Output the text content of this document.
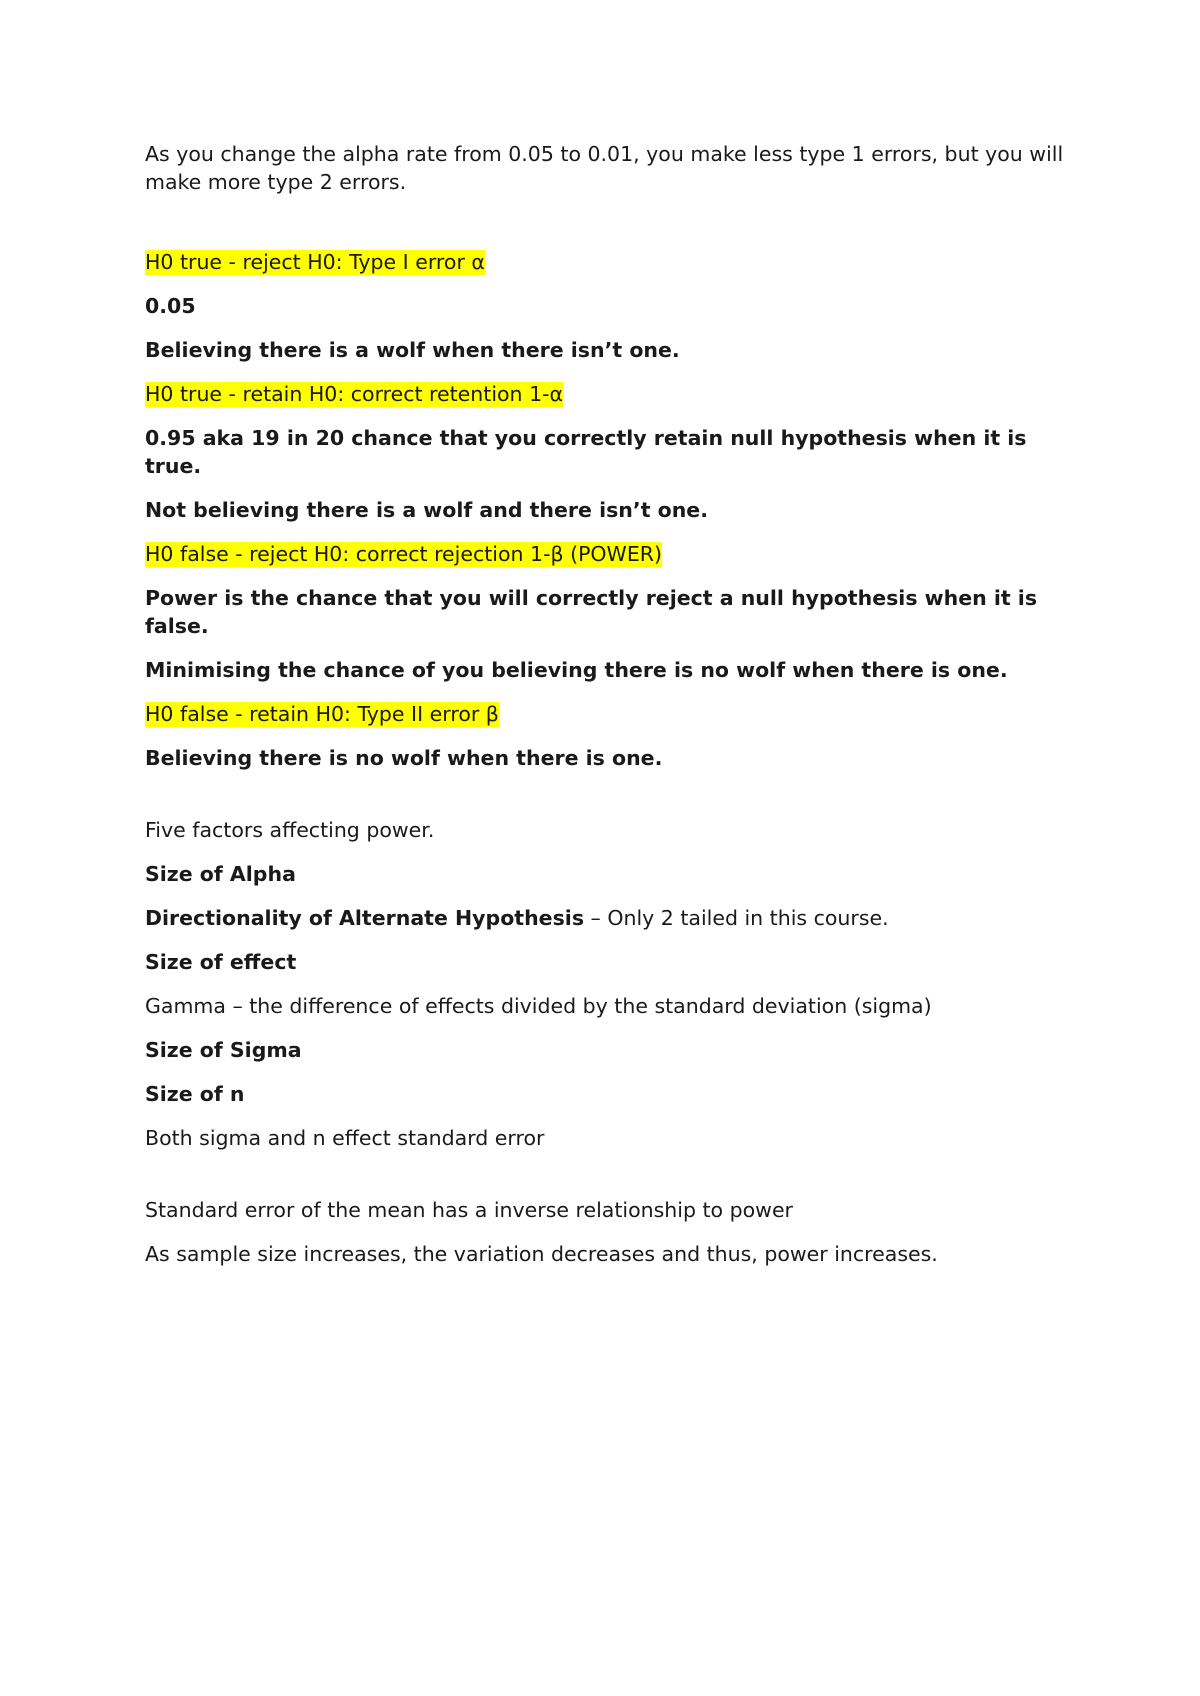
As you change the alpha rate from 0.05 to 0.01, you make less type 1 errors, but you will make more type 2 errors.

H0 true - reject H0: Type I error α

0.05

Believing there is a wolf when there isn’t one.

H0 true - retain H0: correct retention 1-α

0.95 aka 19 in 20 chance that you correctly retain null hypothesis when it is true.

Not believing there is a wolf and there isn’t one.

H0 false - reject H0: correct rejection 1-β (POWER)

Power is the chance that you will correctly reject a null hypothesis when it is false.

Minimising the chance of you believing there is no wolf when there is one.

H0 false - retain H0: Type II error β

Believing there is no wolf when there is one.

Five factors affecting power.

Size of Alpha

Directionality of Alternate Hypothesis – Only 2 tailed in this course.

Size of effect

Gamma – the difference of effects divided by the standard deviation (sigma)

Size of Sigma

Size of n

Both sigma and n effect standard error

Standard error of the mean has a inverse relationship to power

As sample size increases, the variation decreases and thus, power increases.
